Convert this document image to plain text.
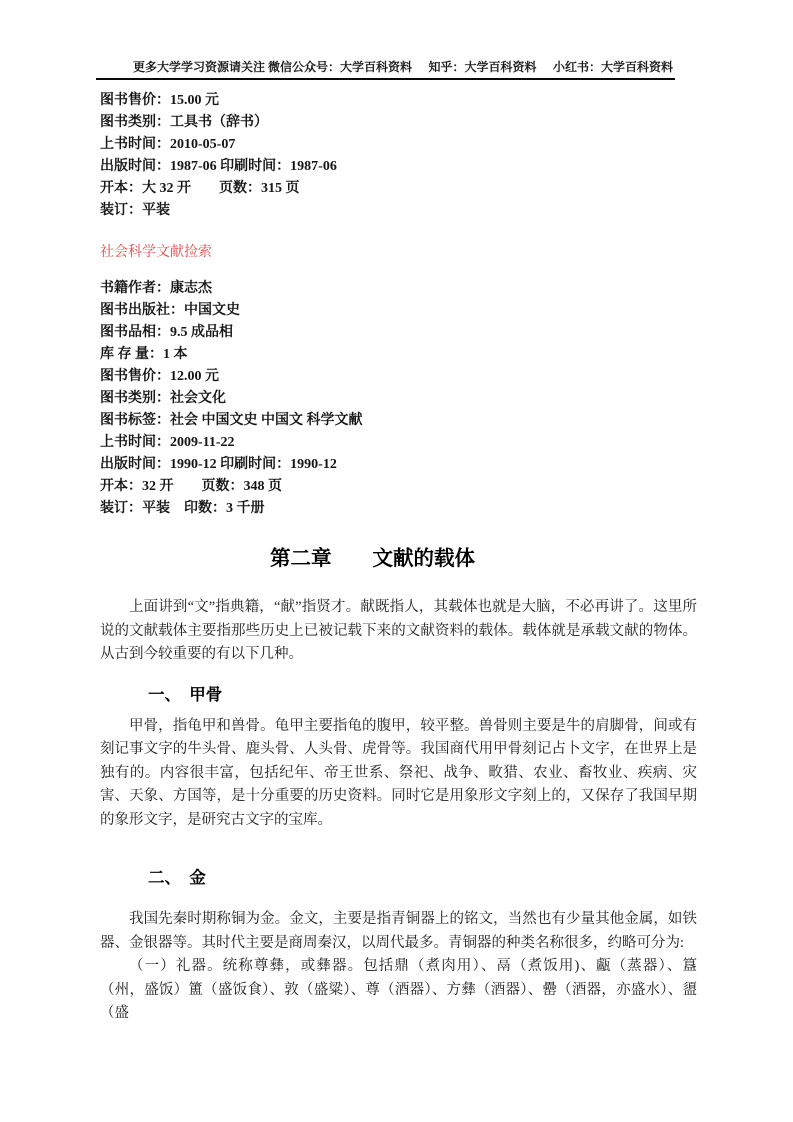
更多大学学习资源请关注 微信公众号：大学百科资料 知乎：大学百科资料 小红书：大学百科资料
图书售价：15.00 元
图书类别：工具书（辞书）
上书时间：2010-05-07
出版时间：1987-06 印刷时间：1987-06
开本：大 32 开　　页数：315 页
装订：平装
社会科学文献捡索
书籍作者：康志杰
图书出版社：中国文史
图书品相：9.5 成品相
库 存 量：1 本
图书售价：12.00 元
图书类别：社会文化
图书标签：社会 中国文史 中国文 科学文献
上书时间：2009-11-22
出版时间：1990-12 印刷时间：1990-12
开本：32 开　　页数：348 页
装订：平装　印数：3 千册
第二章　　文献的载体

上面讲到“文”指典籍，“献”指贤才。献既指人，其载体也就是大脑，不必再讲了。这里所说的文献载体主要指那些历史上已被记载下来的文献资料的载体。载体就是承载文献的物体。从古到今较重要的有以下几种。

一、　甲骨

甲骨，指龟甲和兽骨。龟甲主要指龟的腹甲，较平整。兽骨则主要是牛的肩脚骨，间或有刻记事文字的牛头骨、鹿头骨、人头骨、虎骨等。我国商代用甲骨刻记占卜文字，在世界上是独有的。内容很丰富，包括纪年、帝王世系、祭祀、战争、畋猎、农业、畜牧业、疾病、灾害、天象、方国等，是十分重要的历史资料。同时它是用象形文字刻上的，又保存了我国早期的象形文字，是研究古文字的宝库。

二、　金

我国先秦时期称铜为金。金文，主要是指青铜器上的铭文，当然也有少量其他金属，如铁器、金银器等。其时代主要是商周秦汉，以周代最多。青铜器的种类名称很多，约略可分为:

（一）礼器。统称尊彝，或彝器。包括鼎（煮肉用）、鬲（煮饭用)、甗（蒸器）、簋（州，盛饭）簠（盛饭食）、敦（盛粱）、尊（酒器）、方彝（酒器）、罍（酒器，亦盛水）、盨（盛
